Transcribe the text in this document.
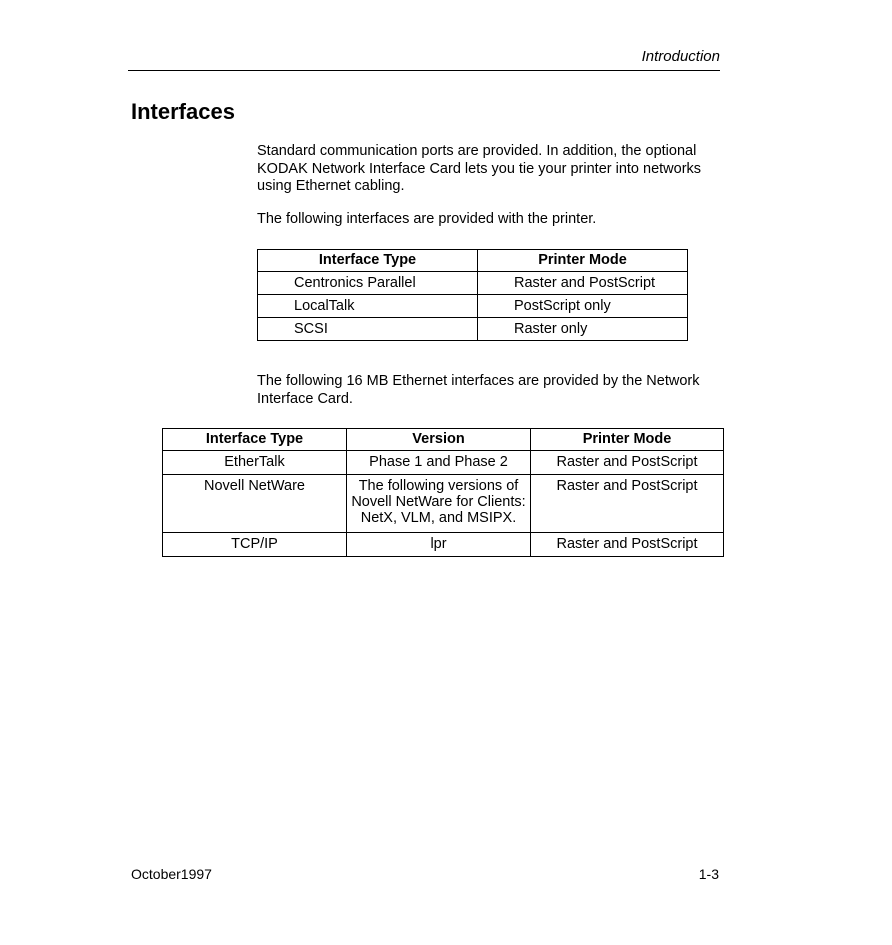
Introduction
Interfaces

Standard communication ports are provided. In addition, the optional KODAK Network Interface Card lets you tie your printer into networks using Ethernet cabling.

The following interfaces are provided with the printer.

Interface Type	Printer Mode
Centronics Parallel	Raster and PostScript
LocalTalk	PostScript only
SCSI	Raster only

The following 16 MB Ethernet interfaces are provided by the Network Interface Card.

Interface Type	Version	Printer Mode
EtherTalk	Phase 1 and Phase 2	Raster and PostScript
Novell NetWare	The following versions of Novell NetWare for Clients: NetX, VLM, and MSIPX.	Raster and PostScript
TCP/IP	lpr	Raster and PostScript
October1997	1-3
